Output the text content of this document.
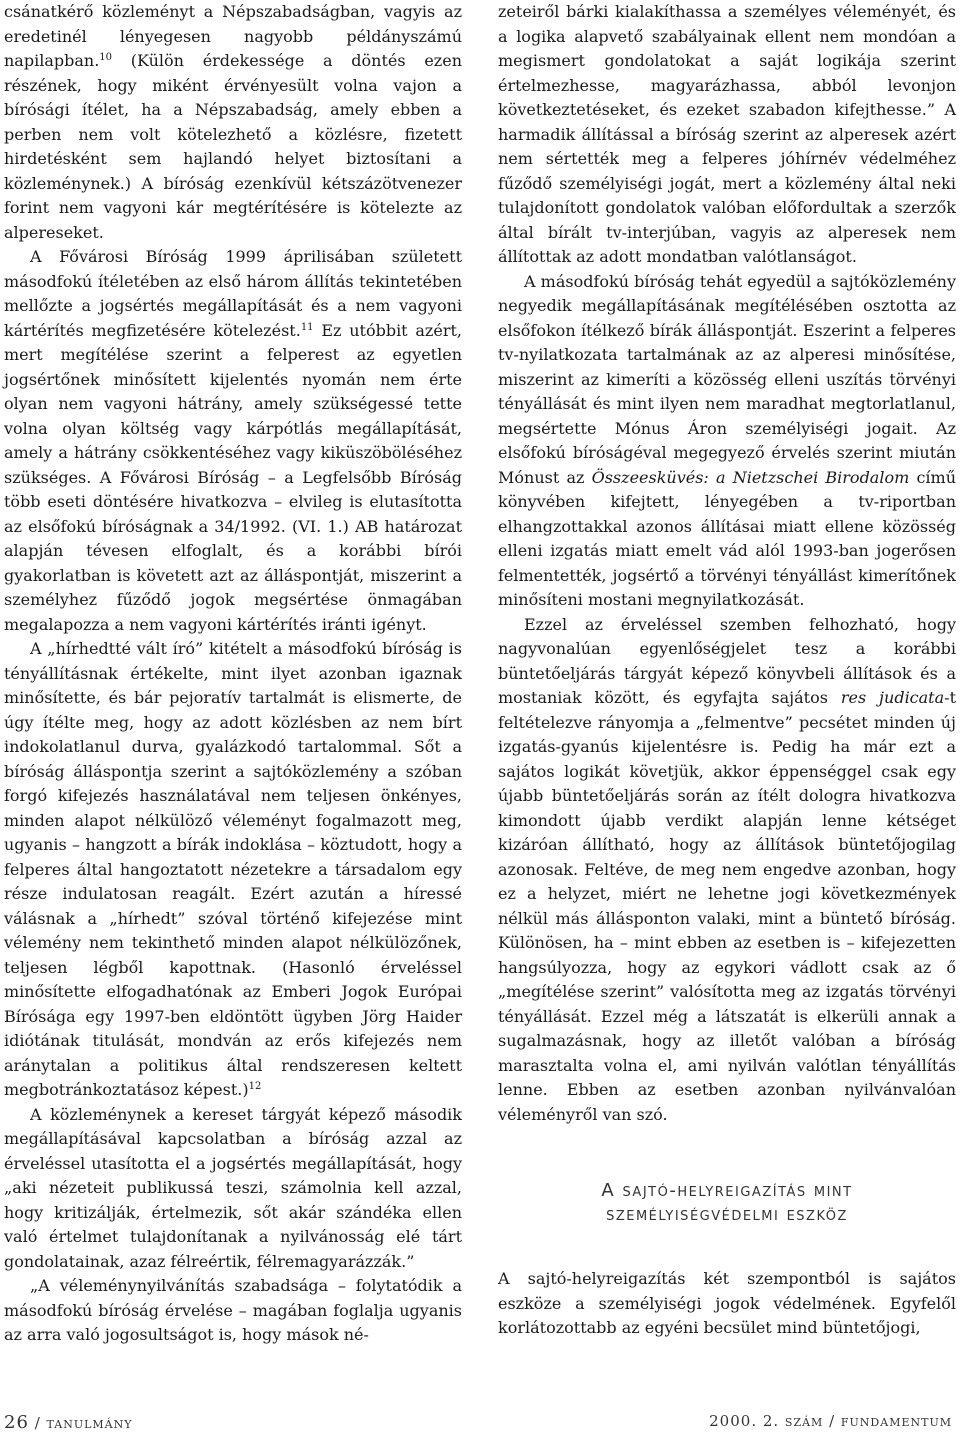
csánatkérő közleményt a Népszabadságban, vagyis az eredetinél lényegesen nagyobb példányszámú napilapban.$^{10}$ (Külön érdekessége a döntés ezen részének, hogy miként érvényesült volna vajon a bírósági ítélet, ha a Népszabadság, amely ebben a perben nem volt kötelezhető a közlésre, fizetett hirdetésként sem hajlandó helyet biztosítani a közleménynek.) A bíróság ezenkívül kétszázötvenezer forint nem vagyoni kár megtérítésére is kötelezte az alpereseket.

A Fővárosi Bíróság 1999 áprilisában született másodfokú ítéletében az első három állítás tekintetében mellőzte a jogsértés megállapítását és a nem vagyoni kártérítés megfizetésére kötelezést.$^{11}$ Ez utóbbit azért, mert megítélése szerint a felperest az egyetlen jogsértőnek minősített kijelentés nyomán nem érte olyan nem vagyoni hátrány, amely szükségessé tette volna olyan költség vagy kárpótlás megállapítását, amely a hátrány csökkentéséhez vagy kiküszöböléséhez szükséges. A Fővárosi Bíróság – a Legfelsőbb Bíróság több eseti döntésére hivatkozva – elvileg is elutasította az elsőfokú bíróságnak a 34/1992. (VI. 1.) AB határozat alapján tévesen elfoglalt, és a korábbi bírói gyakorlatban is követett azt az álláspontját, miszerint a személyhez fűződő jogok megsértése önmagában megalapozza a nem vagyoni kártérítés iránti igényt.

A „hírhedtté vált író” kitételt a másodfokú bíróság is tényállításnak értékelte, mint ilyet azonban igaznak minősítette, és bár pejoratív tartalmát is elismerte, de úgy ítélte meg, hogy az adott közlésben az nem bírt indokolatlanul durva, gyalázkodó tartalommal. Sőt a bíróság álláspontja szerint a sajtóközlemény a szóban forgó kifejezés használatával nem teljesen önkényes, minden alapot nélkülöző véleményt fogalmazott meg, ugyanis – hangzott a bírák indoklása – köztudott, hogy a felperes által hangoztatott nézetekre a társadalom egy része indulatosan reagált. Ezért azután a híressé válásnak a „hírhedt” szóval történő kifejezése mint vélemény nem tekinthető minden alapot nélkülözőnek, teljesen légből kapottnak. (Hasonló érveléssel minősítette elfogadhatónak az Emberi Jogok Európai Bírósága egy 1997-ben eldöntött ügyben Jörg Haider idiótának titulását, mondván az erős kifejezés nem aránytalan a politikus által rendszeresen keltett megbotránkoztatásoz képest.)$^{12}$

A közleménynek a kereset tárgyát képező második megállapításával kapcsolatban a bíróság azzal az érveléssel utasította el a jogsértés megállapítását, hogy „aki nézeteit publikussá teszi, számolnia kell azzal, hogy kritizálják, értelmezik, sőt akár szándéka ellen való értelmet tulajdonítanak a nyilvánosság elé tárt gondolatainak, azaz félreértik, félremagyarázzák.”

„A véleménynyilvánítás szabadsága – folytatódik a másodfokú bíróság érvelése – magában foglalja ugyanis az arra való jogosultságot is, hogy mások né-

zeteiről bárki kialakíthassa a személyes véleményét, és a logika alapvető szabályainak ellent nem mondóan a megismert gondolatokat a saját logikája szerint értelmezhesse, magyarázhassa, abból levonjon következtetéseket, és ezeket szabadon kifejthesse.” A harmadik állítással a bíróság szerint az alperesek azért nem sértették meg a felperes jóhírnév védelméhez fűződő személyiségi jogát, mert a közlemény által neki tulajdonított gondolatok valóban előfordultak a szerzők által bírált tv-interjúban, vagyis az alperesek nem állítottak az adott mondatban valótlanságot.

A másodfokú bíróság tehát egyedül a sajtóközlemény negyedik megállapításának megítélésében osztotta az elsőfokon ítélkező bírák álláspontját. Eszerint a felperes tv-nyilatkozata tartalmának az az alperesi minősítése, miszerint az kimeríti a közösség elleni uszítás törvényi tényállását és mint ilyen nem maradhat megtorlatlanul, megsértette Mónus Áron személyiségi jogait. Az elsőfokú bíróságéval megegyező érvelés szerint miután Mónust az Összeesküvés: a Nietzschei Birodalom című könyvében kifejtett, lényegében a tv-riportban elhangzottakkal azonos állításai miatt ellene közösség elleni izgatás miatt emelt vád alól 1993-ban jogerősen felmentették, jogsértő a törvényi tényállást kimerítőnek minősíteni mostani megnyilatkozását.

Ezzel az érveléssel szemben felhozható, hogy nagyvonalúan egyenlőségjelet tesz a korábbi büntetőeljárás tárgyát képező könyvbeli állítások és a mostaniak között, és egyfajta sajátos res judicata-t feltételezve rányomja a „felmentve” pecsétet minden új izgatás-gyanús kijelentésre is. Pedig ha már ezt a sajátos logikát követjük, akkor éppenséggel csak egy újabb büntetőeljárás során az ítélt dologra hivatkozva kimondott újabb verdikt alapján lenne kétséget kizáróan állítható, hogy az állítások büntetőjogilag azonosak. Feltéve, de meg nem engedve azonban, hogy ez a helyzet, miért ne lehetne jogi következmények nélkül más állásponton valaki, mint a büntető bíróság. Különösen, ha – mint ebben az esetben is – kifejezetten hangsúlyozza, hogy az egykori vádlott csak az ő „megítélése szerint” valósította meg az izgatás törvényi tényállását. Ezzel még a látszatát is elkerüli annak a sugalmazásnak, hogy az illetőt valóban a bíróság marasztalta volna el, ami nyilván valótlan tényállítás lenne. Ebben az esetben azonban nyilvánvalóan véleményről van szó.

A sajtó-helyreigazítás mint
személyiségvédelmi eszköz

A sajtó-helyreigazítás két szempontból is sajátos eszköze a személyiségi jogok védelmének. Egyfelől korlátozottabb az egyéni becsület mind büntetőjogi,

26 / tanulmány	2000. 2. szám / fundamentum
